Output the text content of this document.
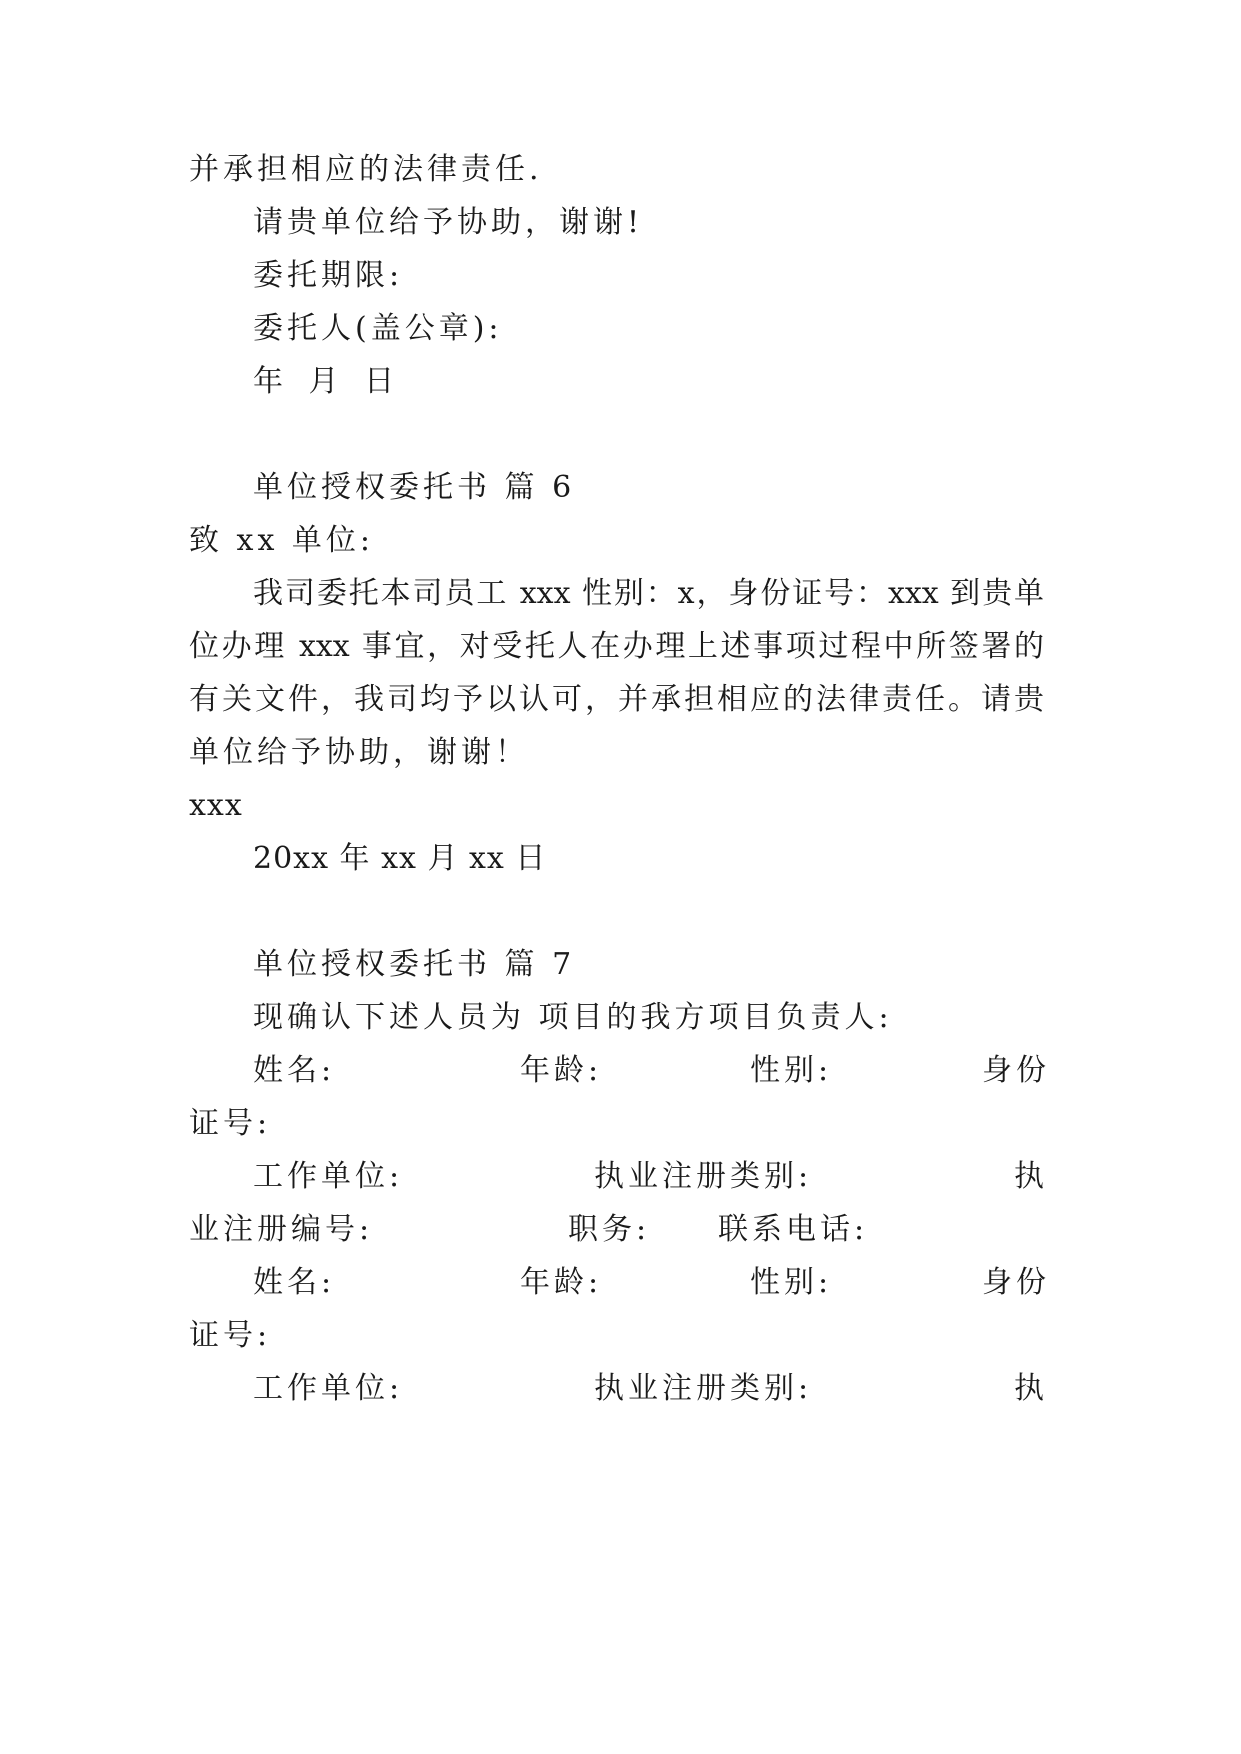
并承担相应的法律责任.
请贵单位给予协助，谢谢!
委托期限:
委托人(盖公章):
年 月 日
单位授权委托书 篇 6
致 xx 单位:
我司委托本司员工 xxx 性别：x，身份证号：xxx 到贵单
位办理 xxx 事宜，对受托人在办理上述事项过程中所签署的
有关文件，我司均予以认可，并承担相应的法律责任。请贵
单位给予协助，谢谢！
xxx
20xx 年 xx 月 xx 日
单位授权委托书 篇 7
现确认下述人员为 项目的我方项目负责人:
姓名:	年龄:	性别:	身份
证号:
工作单位:	执业注册类别:	执
业注册编号:	职务: 联系电话:
姓名:	年龄:	性别:	身份
证号:
工作单位:	执业注册类别:	执
